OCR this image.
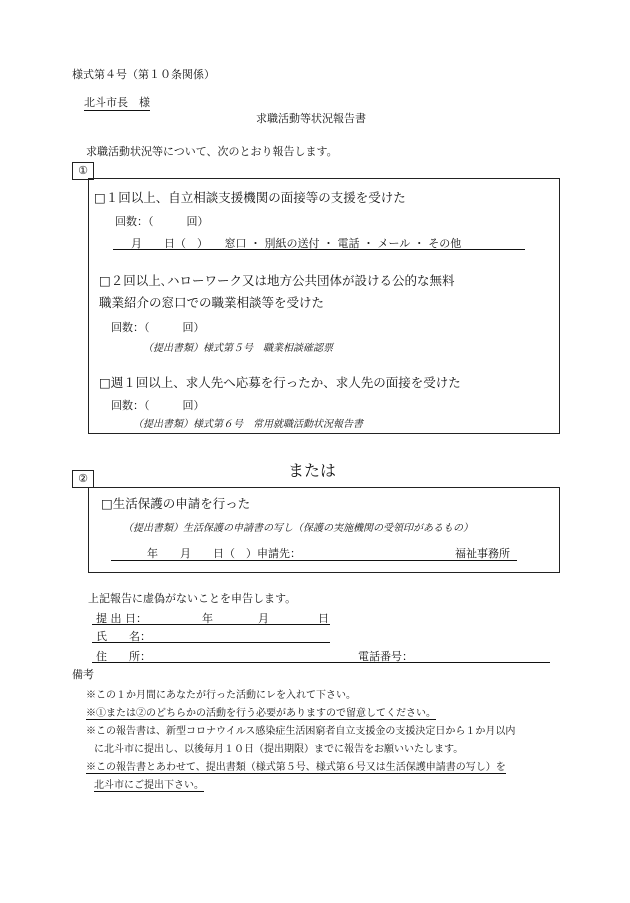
様式第４号（第１０条関係）
北斗市長　様
求職活動等状況報告書
求職活動状況等について、次のとおり報告します。
①
□１回以上、自立相談支援機関の面接等の支援を受けた
回数：（　　　回）
月　　日（　）　　窓口 ・ 別紙の送付 ・ 電話 ・ メール ・ その他
□２回以上､ハローワーク又は地方公共団体が設ける公的な無料
職業紹介の窓口での職業相談等を受けた
回数：（　　　回）
（提出書類）様式第５号　職業相談確認票
□週１回以上、求人先へ応募を行ったか、求人先の面接を受けた
回数：（　　　回）
（提出書類）様式第６号　常用就職活動状況報告書
または
②
□生活保護の申請を行った
（提出書類）生活保護の申請書の写し（保護の実施機関の受領印があるもの）
年　　月　　日（　）申請先：	福祉事務所
上記報告に虚偽がないことを申告します。
提 出 日：	年	月	日
氏　　名：
住　　所：	電話番号：
備考
※この１か月間にあなたが行った活動にレを入れて下さい。
※①または②のどちらかの活動を行う必要がありますので留意してください。
※この報告書は、新型コロナウイルス感染症生活困窮者自立支援金の支援決定日から１か月以内
に北斗市に提出し、以後毎月１０日（提出期限）までに報告をお願いいたします。
※この報告書とあわせて、提出書類（様式第５号、様式第６号又は生活保護申請書の写し）を
北斗市にご提出下さい。
